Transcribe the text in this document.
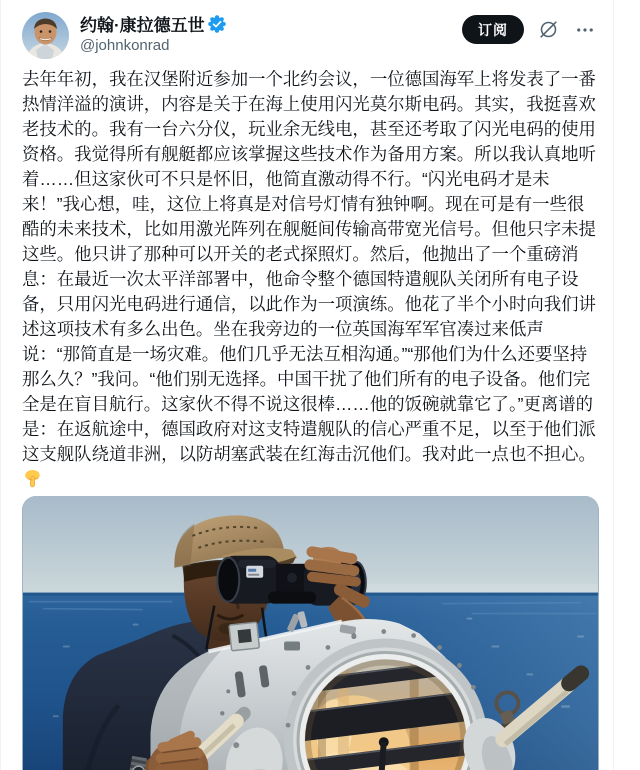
约翰·康拉德五世
@johnkonrad
订阅
去年年初，我在汉堡附近参加一个北约会议，一位德国海军上将发表了一番热情洋溢的演讲，内容是关于在海上使用闪光莫尔斯电码。其实，我挺喜欢老技术的。我有一台六分仪，玩业余无线电，甚至还考取了闪光电码的使用资格。我觉得所有舰艇都应该掌握这些技术作为备用方案。所以我认真地听着……但这家伙可不只是怀旧，他简直激动得不行。“闪光电码才是未来！”我心想，哇，这位上将真是对信号灯情有独钟啊。现在可是有一些很酷的未来技术，比如用激光阵列在舰艇间传输高带宽光信号。但他只字未提这些。他只讲了那种可以开关的老式探照灯。然后，他抛出了一个重磅消息：在最近一次太平洋部署中，他命令整个德国特遣舰队关闭所有电子设备，只用闪光电码进行通信，以此作为一项演练。他花了半个小时向我们讲述这项技术有多么出色。坐在我旁边的一位英国海军军官凑过来低声说：“那简直是一场灾难。他们几乎无法互相沟通。”“那他们为什么还要坚持那么久？”我问。“他们别无选择。中国干扰了他们所有的电子设备。他们完全是在盲目航行。这家伙不得不说这很棒……他的饭碗就靠它了。”更离谱的是：在返航途中，德国政府对这支特遣舰队的信心严重不足，以至于他们派这支舰队绕道非洲，以防胡塞武装在红海击沉他们。我对此一点也不担心。
